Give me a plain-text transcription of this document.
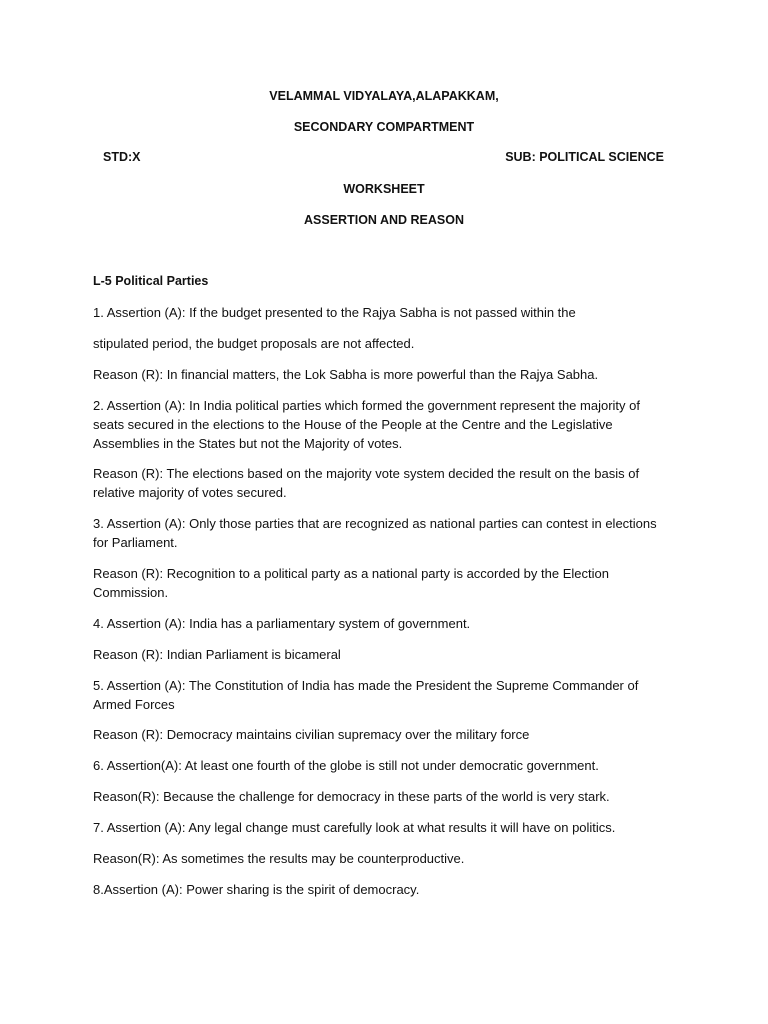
VELAMMAL VIDYALAYA,ALAPAKKAM,
SECONDARY COMPARTMENT
STD:X	SUB: POLITICAL SCIENCE
WORKSHEET
ASSERTION AND REASON
L-5 Political Parties
1. Assertion (A): If the budget presented to the Rajya Sabha is not passed within the
stipulated period, the budget proposals are not affected.
Reason (R): In financial matters, the Lok Sabha is more powerful than the Rajya Sabha.
2. Assertion (A): In India political parties which formed the government represent the majority of seats secured in the elections to the House of the People at the Centre and the Legislative Assemblies in the States but not the Majority of votes.
Reason (R): The elections based on the majority vote system decided the result on the basis of relative majority of votes secured.
3. Assertion (A): Only those parties that are recognized as national parties can contest in elections for Parliament.
Reason (R): Recognition to a political party as a national party is accorded by the Election Commission.
4. Assertion (A): India has a parliamentary system of government.
Reason (R): Indian Parliament is bicameral
5. Assertion (A): The Constitution of India has made the President the Supreme Commander of Armed Forces
Reason (R): Democracy maintains civilian supremacy over the military force
6. Assertion(A): At least one fourth of the globe is still not under democratic government.
Reason(R): Because the challenge for democracy in these parts of the world is very stark.
7. Assertion (A): Any legal change must carefully look at what results it will have on politics.
Reason(R): As sometimes the results may be counterproductive.
8.Assertion (A): Power sharing is the spirit of democracy.
